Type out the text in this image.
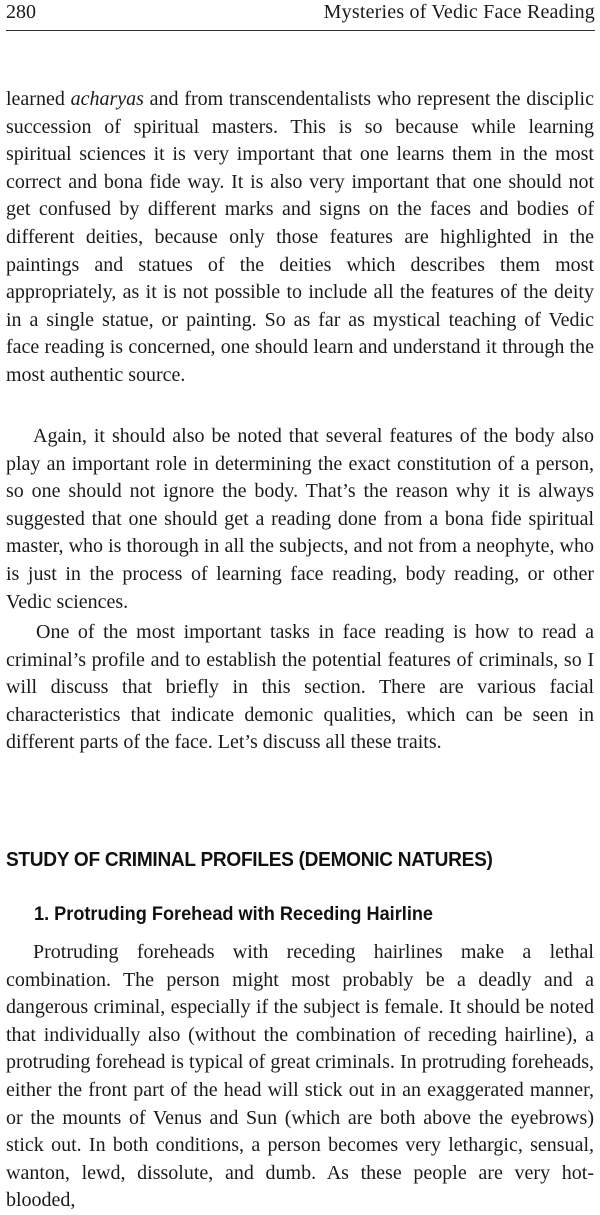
280	Mysteries of Vedic Face Reading

learned acharyas and from transcendentalists who represent the disciplic succession of spiritual masters. This is so because while learning spiritual sciences it is very important that one learns them in the most correct and bona fide way. It is also very important that one should not get confused by different marks and signs on the faces and bodies of different deities, because only those features are highlighted in the paintings and statues of the deities which describes them most appropriately, as it is not possible to include all the features of the deity in a single statue, or painting. So as far as mystical teaching of Vedic face reading is concerned, one should learn and understand it through the most authentic source.

Again, it should also be noted that several features of the body also play an important role in determining the exact constitution of a person, so one should not ignore the body. That’s the reason why it is always suggested that one should get a reading done from a bona fide spiritual master, who is thorough in all the subjects, and not from a neophyte, who is just in the process of learning face reading, body reading, or other Vedic sciences.

One of the most important tasks in face reading is how to read a criminal’s profile and to establish the potential features of criminals, so I will discuss that briefly in this section. There are various facial characteristics that indicate demonic qualities, which can be seen in different parts of the face. Let’s discuss all these traits.

STUDY OF CRIMINAL PROFILES (DEMONIC NATURES)
1. Protruding Forehead with Receding Hairline

Protruding foreheads with receding hairlines make a lethal combination. The person might most probably be a deadly and a dangerous criminal, especially if the subject is female. It should be noted that individually also (without the combination of receding hairline), a protruding forehead is typical of great criminals. In protruding foreheads, either the front part of the head will stick out in an exaggerated manner, or the mounts of Venus and Sun (which are both above the eyebrows) stick out. In both conditions, a person becomes very lethargic, sensual, wanton, lewd, dissolute, and dumb. As these people are very hot-blooded,
